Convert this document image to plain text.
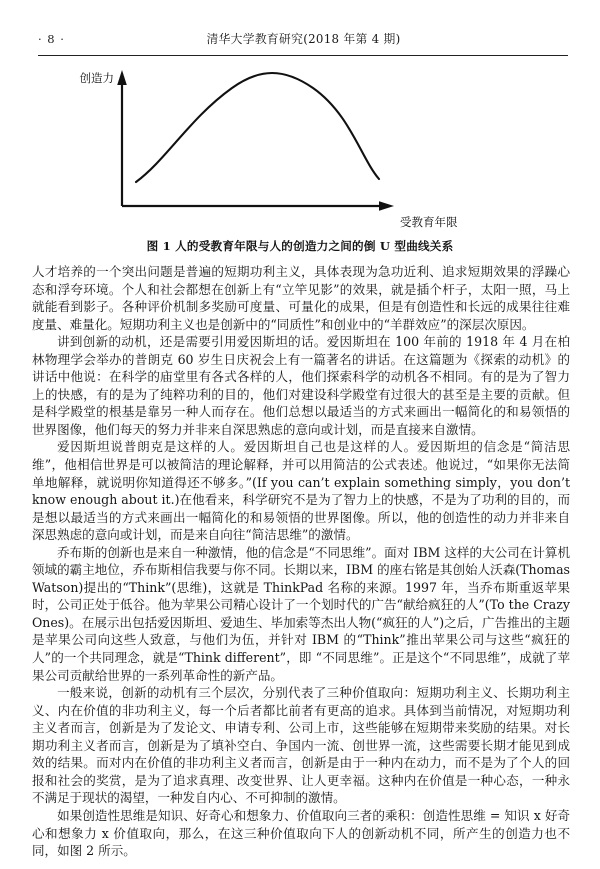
· 8 ·	清华大学教育研究(2018 年第 4 期)
创造力
受教育年限
图 1 人的受教育年限与人的创造力之间的倒 U 型曲线关系

人才培养的一个突出问题是普遍的短期功利主义，具体表现为急功近利、追求短期效果的浮躁心态和浮夸环境。个人和社会都想在创新上有“立竿见影”的效果，就是插个杆子，太阳一照，马上就能看到影子。各种评价机制多奖励可度量、可量化的成果，但是有创造性和长远的成果往往难度量、难量化。短期功利主义也是创新中的“同质性”和创业中的“羊群效应”的深层次原因。

讲到创新的动机，还是需要引用爱因斯坦的话。爱因斯坦在 100 年前的 1918 年 4 月在柏林物理学会举办的普朗克 60 岁生日庆祝会上有一篇著名的讲话。在这篇题为《探索的动机》的讲话中他说：在科学的庙堂里有各式各样的人，他们探索科学的动机各不相同。有的是为了智力上的快感，有的是为了纯粹功利的目的，他们对建设科学殿堂有过很大的甚至是主要的贡献。但是科学殿堂的根基是靠另一种人而存在。他们总想以最适当的方式来画出一幅简化的和易领悟的世界图像，他们每天的努力并非来自深思熟虑的意向或计划，而是直接来自激情。

爱因斯坦说普朗克是这样的人。爱因斯坦自己也是这样的人。爱因斯坦的信念是“简洁思维”，他相信世界是可以被简洁的理论解释，并可以用简洁的公式表述。他说过，“如果你无法简单地解释，就说明你知道得还不够多。”(If you can’t explain something simply，you don’t know enough about it.)在他看来，科学研究不是为了智力上的快感，不是为了功利的目的，而是想以最适当的方式来画出一幅简化的和易领悟的世界图像。所以，他的创造性的动力并非来自深思熟虑的意向或计划，而是来自向往“简洁思维”的激情。

乔布斯的创新也是来自一种激情，他的信念是“不同思维”。面对 IBM 这样的大公司在计算机领域的霸主地位，乔布斯相信我要与你不同。长期以来，IBM 的座右铭是其创始人沃森(Thomas Watson)提出的“Think”(思维)，这就是 ThinkPad 名称的来源。1997 年，当乔布斯重返苹果时，公司正处于低谷。他为苹果公司精心设计了一个划时代的广告“献给疯狂的人”(To the Crazy Ones)。在展示出包括爱因斯坦、爱迪生、毕加索等杰出人物(“疯狂的人”)之后，广告推出的主题是苹果公司向这些人致意，与他们为伍，并针对 IBM 的“Think”推出苹果公司与这些“疯狂的人”的一个共同理念，就是“Think different”，即 “不同思维”。正是这个“不同思维”，成就了苹果公司贡献给世界的一系列革命性的新产品。

一般来说，创新的动机有三个层次，分别代表了三种价值取向：短期功利主义、长期功利主义、内在价值的非功利主义，每一个后者都比前者有更高的追求。具体到当前情况，对短期功利主义者而言，创新是为了发论文、申请专利、公司上市，这些能够在短期带来奖励的结果。对长期功利主义者而言，创新是为了填补空白、争国内一流、创世界一流，这些需要长期才能见到成效的结果。而对内在价值的非功利主义者而言，创新是由于一种内在动力，而不是为了个人的回报和社会的奖赏，是为了追求真理、改变世界、让人更幸福。这种内在价值是一种心态，一种永不满足于现状的渴望，一种发自内心、不可抑制的激情。

如果创造性思维是知识、好奇心和想象力、价值取向三者的乘积：创造性思维 = 知识 x 好奇心和想象力 x 价值取向，那么，在这三种价值取向下人的创新动机不同，所产生的创造力也不同，如图 2 所示。
